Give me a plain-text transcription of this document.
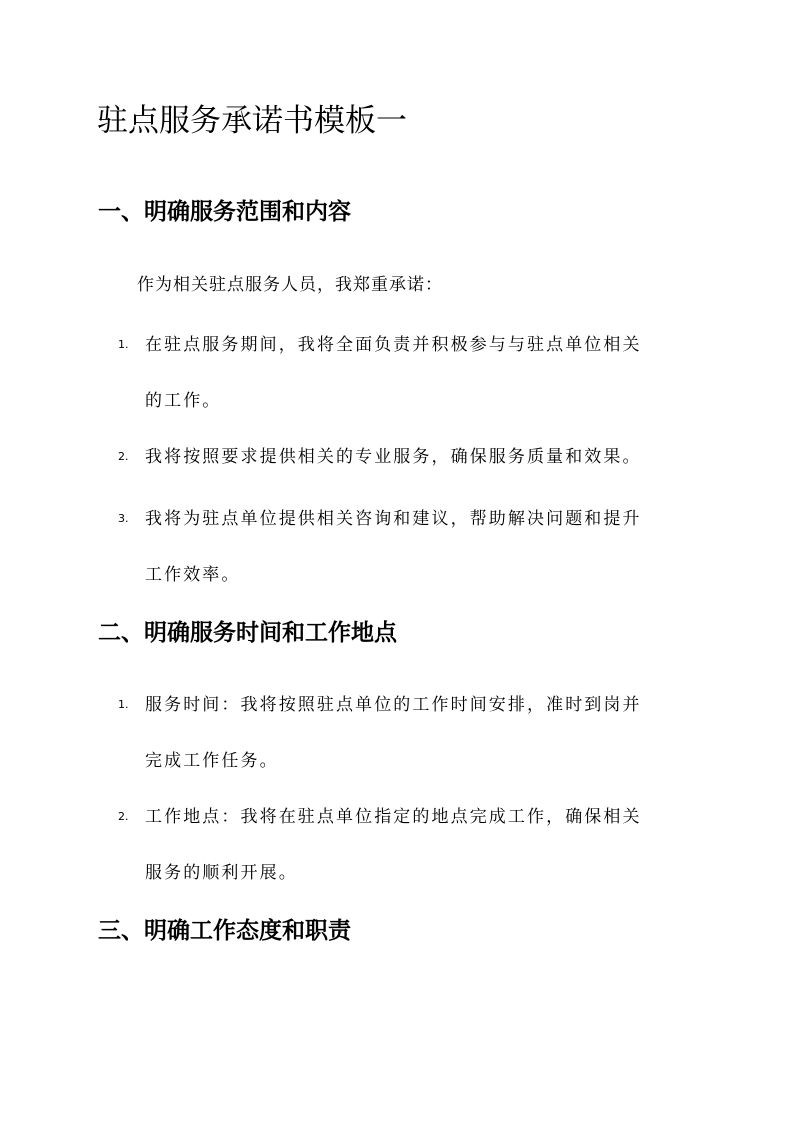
驻点服务承诺书模板一
一、明确服务范围和内容

作为相关驻点服务人员，我郑重承诺：

1. 在驻点服务期间，我将全面负责并积极参与与驻点单位相关
的工作。
2. 我将按照要求提供相关的专业服务，确保服务质量和效果。
3. 我将为驻点单位提供相关咨询和建议，帮助解决问题和提升
工作效率。
二、明确服务时间和工作地点
1. 服务时间：我将按照驻点单位的工作时间安排，准时到岗并
完成工作任务。
2. 工作地点：我将在驻点单位指定的地点完成工作，确保相关
服务的顺利开展。
三、明确工作态度和职责
